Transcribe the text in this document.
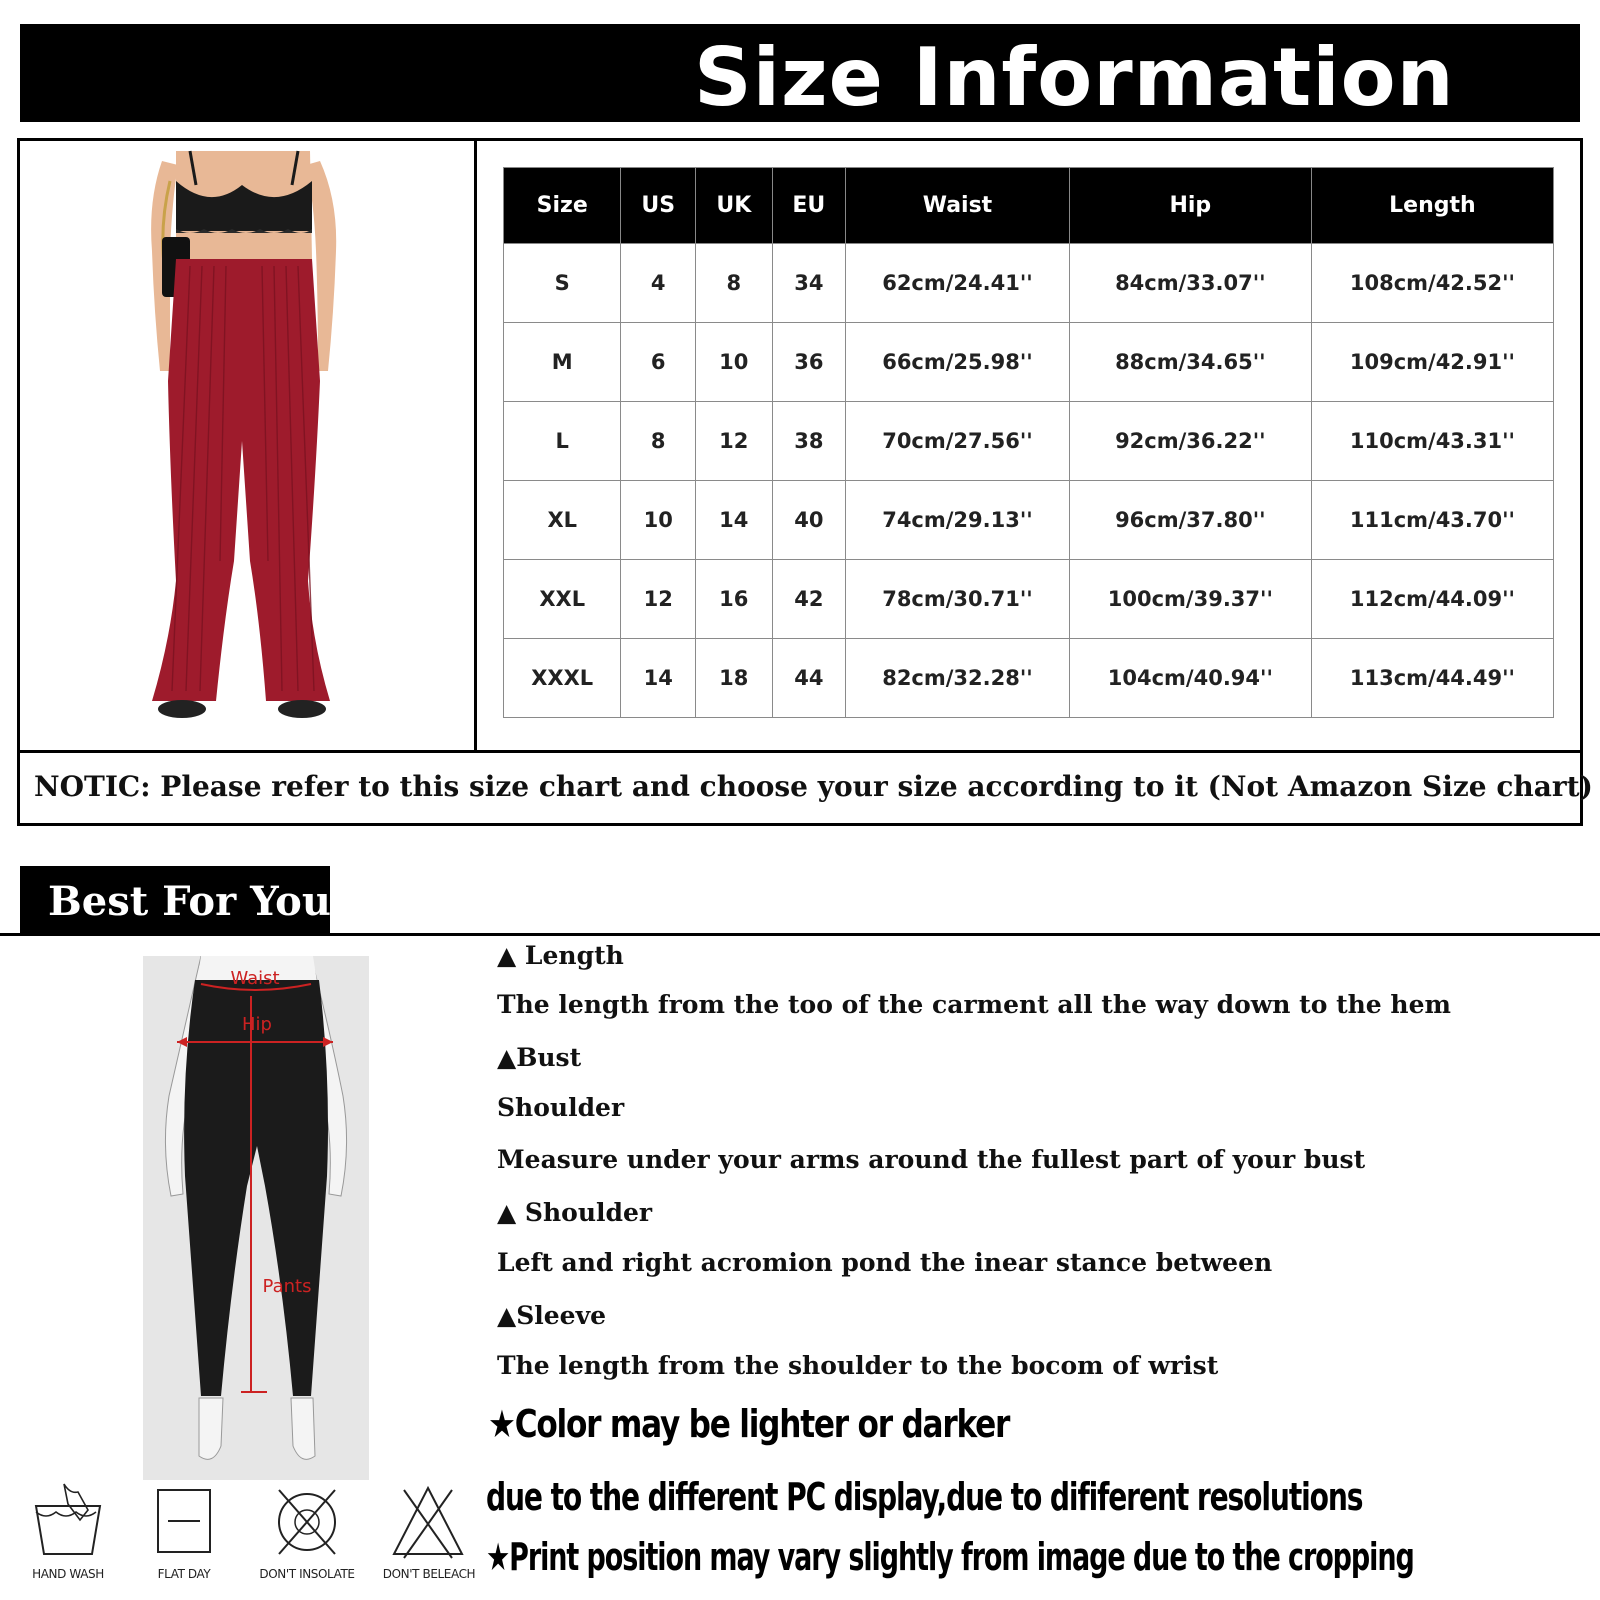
Size Information
Size	US	UK	EU	Waist	Hip	Length
S	4	8	34	62cm/24.41''	84cm/33.07''	108cm/42.52''
M	6	10	36	66cm/25.98''	88cm/34.65''	109cm/42.91''
L	8	12	38	70cm/27.56''	92cm/36.22''	110cm/43.31''
XL	10	14	40	74cm/29.13''	96cm/37.80''	111cm/43.70''
XXL	12	16	42	78cm/30.71''	100cm/39.37''	112cm/44.09''
XXXL	14	18	44	82cm/32.28''	104cm/40.94''	113cm/44.49''
NOTIC: Please refer to this size chart and choose your size according to it (Not Amazon Size chart)
Best For You
Waist
Hip
Pants
HAND WASH	FLAT DAY	DON'T INSOLATE	DON'T BELEACH
▲ Length
The length from the too of the carment all the way down to the hem
▲Bust
Shoulder
Measure under your arms around the fullest part of your bust
▲ Shoulder
Left and right acromion pond the inear stance between
▲Sleeve
The length from the shoulder to the bocom of wrist
★Color may be lighter or darker
due to the different PC display,due to dififerent resolutions
★Print position may vary slightly from image due to the cropping
